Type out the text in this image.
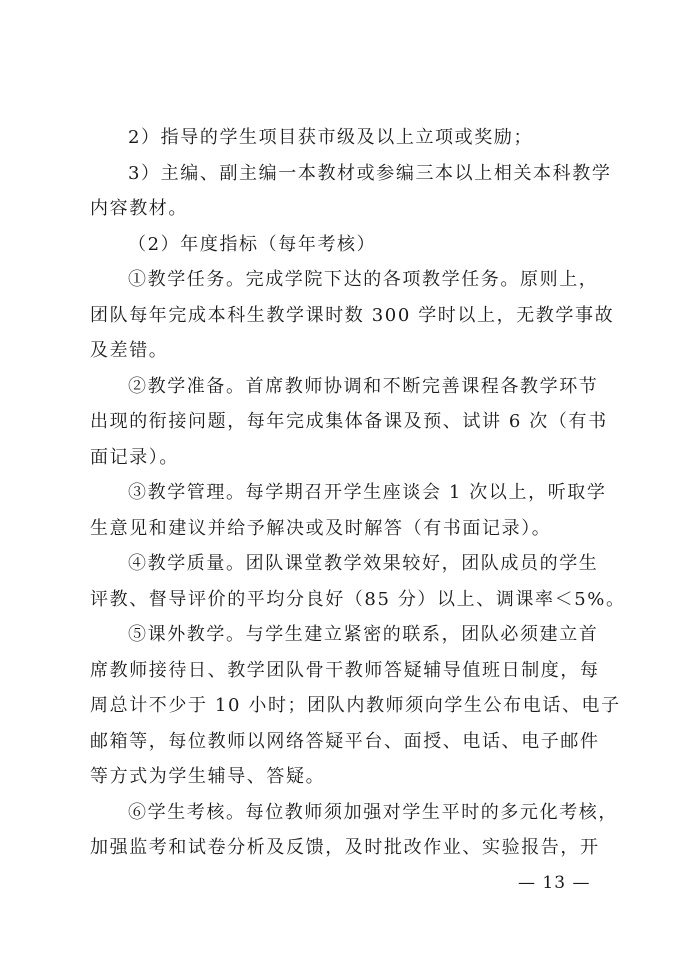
2）指导的学生项目获市级及以上立项或奖励；

3）主编、副主编一本教材或参编三本以上相关本科教学
内容教材。

（2）年度指标（每年考核）

①教学任务。完成学院下达的各项教学任务。原则上，
团队每年完成本科生教学课时数 300 学时以上，无教学事故
及差错。

②教学准备。首席教师协调和不断完善课程各教学环节
出现的衔接问题，每年完成集体备课及预、试讲 6 次（有书
面记录）。

③教学管理。每学期召开学生座谈会 1 次以上，听取学
生意见和建议并给予解决或及时解答（有书面记录）。

④教学质量。团队课堂教学效果较好，团队成员的学生
评教、督导评价的平均分良好（85 分）以上、调课率＜5%。

⑤课外教学。与学生建立紧密的联系，团队必须建立首
席教师接待日、教学团队骨干教师答疑辅导值班日制度，每
周总计不少于 10 小时；团队内教师须向学生公布电话、电子
邮箱等，每位教师以网络答疑平台、面授、电话、电子邮件
等方式为学生辅导、答疑。

⑥学生考核。每位教师须加强对学生平时的多元化考核，
加强监考和试卷分析及反馈，及时批改作业、实验报告，开

— 13 —
